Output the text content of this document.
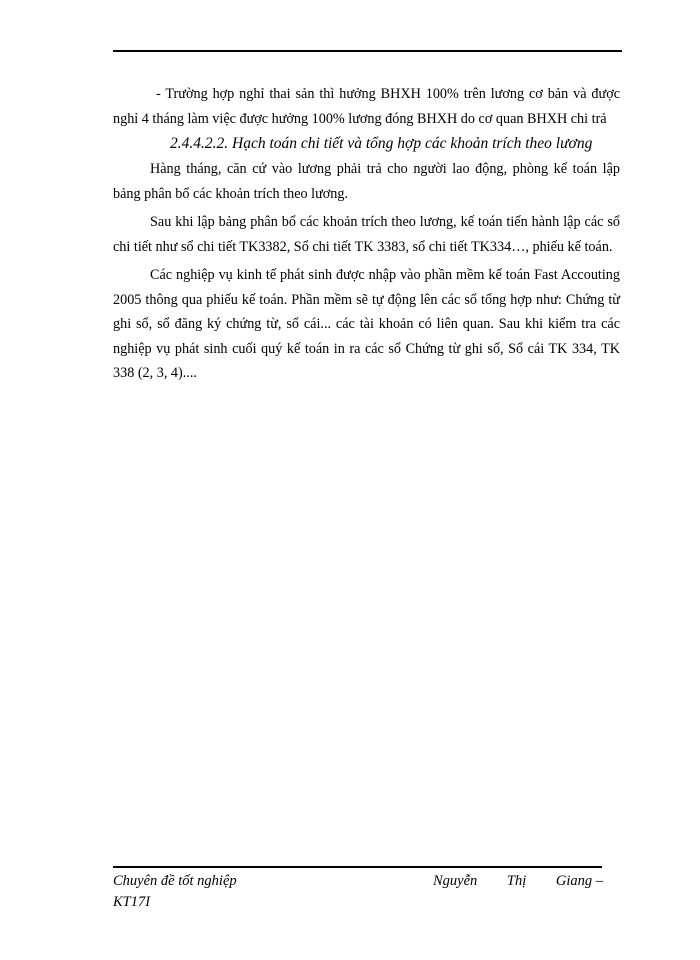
- Trường hợp nghỉ thai sản thì hưởng BHXH 100% trên lương cơ bản và được nghỉ 4 tháng làm việc được hưởng 100% lương đóng BHXH do cơ quan BHXH chi trả

2.4.4.2.2. Hạch toán chi tiết và tổng hợp các khoản trích theo lương

Hàng tháng, căn cứ vào lương phải trả cho người lao động, phòng kế toán lập bảng phân bổ các khoản trích theo lương.

Sau khi lập bảng phân bổ các khoản trích theo lương, kế toán tiến hành lập các sổ chi tiết như sổ chi tiết TK3382, Sổ chi tiết TK 3383, sổ chi tiết TK334…, phiếu kế toán.

Các nghiệp vụ kinh tế phát sinh được nhập vào phần mềm kế toán Fast Accouting 2005 thông qua phiếu kế toán. Phần mềm sẽ tự động lên các sổ tổng hợp như: Chứng từ ghi sổ, sổ đăng ký chứng từ, sổ cái... các tài khoản có liên quan. Sau khi kiểm tra các nghiệp vụ phát sinh cuối quý kế toán in ra các sổ Chứng từ ghi sổ, Sổ cái TK 334, TK 338 (2, 3, 4)....

Chuyên đề tốt nghiệp	Nguyễn Thị Giang –
KT17I
